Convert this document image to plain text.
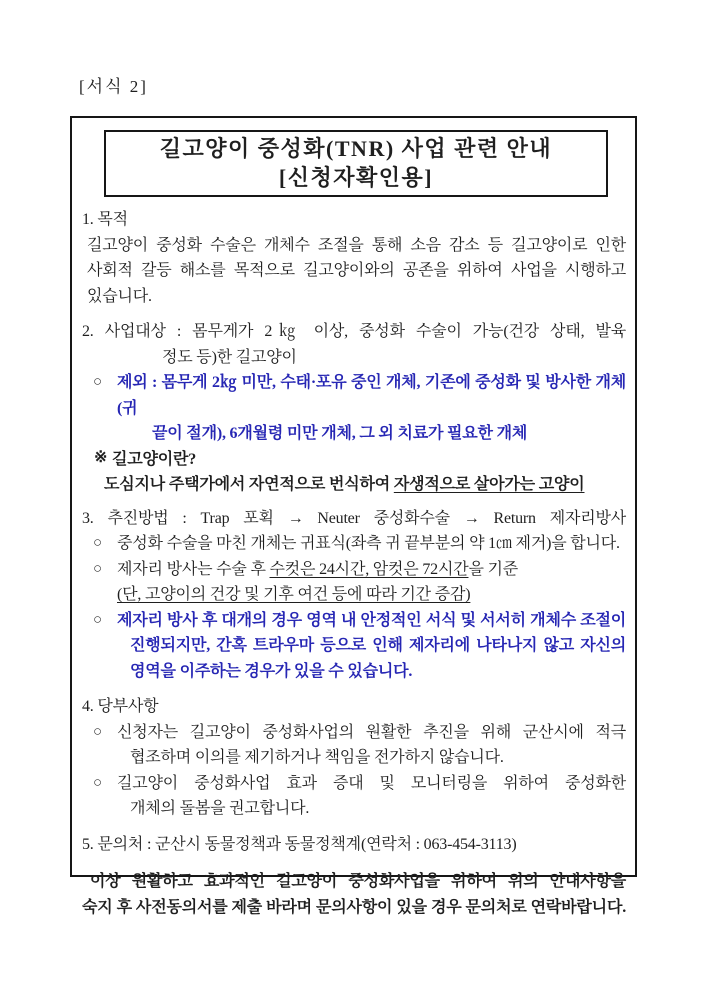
[서식 2]
길고양이 중성화(TNR) 사업 관련 안내
[신청자확인용]
1. 목적
길고양이 중성화 수술은 개체수 조절을 통해 소음 감소 등 길고양이로 인한
사회적 갈등 해소를 목적으로 길고양이와의 공존을 위하여 사업을 시행하고
있습니다.
2. 사업대상 : 몸무게가 2㎏ 이상, 중성화 수술이 가능(건강 상태, 발육
정도 등)한 길고양이
○ 제외 : 몸무게 2㎏ 미만, 수태·포유 중인 개체, 기존에 중성화 및 방사한 개체(귀
끝이 절개), 6개월령 미만 개체, 그 외 치료가 필요한 개체
※ 길고양이란?
도심지나 주택가에서 자연적으로 번식하여 자생적으로 살아가는 고양이
3. 추진방법 : Trap 포획 → Neuter 중성화수술 → Return 제자리방사
○ 중성화 수술을 마친 개체는 귀표식(좌측 귀 끝부분의 약 1㎝ 제거)을 합니다.
○ 제자리 방사는 수술 후 수컷은 24시간, 암컷은 72시간을 기준
(단, 고양이의 건강 및 기후 여건 등에 따라 기간 증감)
○ 제자리 방사 후 대개의 경우 영역 내 안정적인 서식 및 서서히 개체수 조절이
진행되지만, 간혹 트라우마 등으로 인해 제자리에 나타나지 않고 자신의
영역을 이주하는 경우가 있을 수 있습니다.
4. 당부사항
○ 신청자는 길고양이 중성화사업의 원활한 추진을 위해 군산시에 적극
협조하며 이의를 제기하거나 책임을 전가하지 않습니다.
○ 길고양이 중성화사업 효과 증대 및 모니터링을 위하여 중성화한
개체의 돌봄을 권고합니다.
5. 문의처 : 군산시 동물정책과 동물정책계(연락처 : 063-454-3113)
이상 원활하고 효과적인 길고양이 중성화사업을 위하여 위의 안내사항을
숙지 후 사전동의서를 제출 바라며 문의사항이 있을 경우 문의처로 연락바랍니다.
